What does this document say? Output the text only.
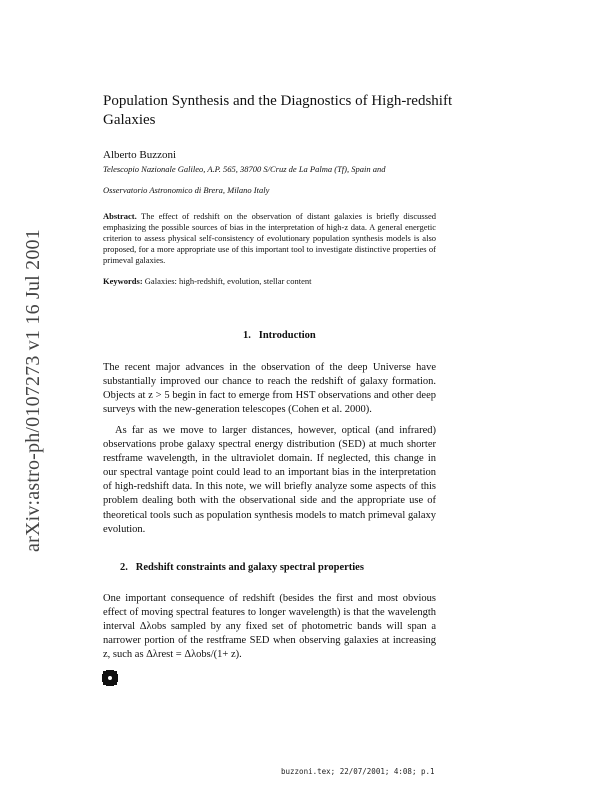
arXiv:astro-ph/0107273 v1 16 Jul 2001
Population Synthesis and the Diagnostics of High-redshift Galaxies
Alberto Buzzoni
Telescopio Nazionale Galileo, A.P. 565, 38700 S/Cruz de La Palma (Tf), Spain and
Osservatorio Astronomico di Brera, Milano Italy
Abstract. The effect of redshift on the observation of distant galaxies is briefly discussed emphasizing the possible sources of bias in the interpretation of high-z data. A general energetic criterion to assess physical self-consistency of evolutionary population synthesis models is also proposed, for a more appropriate use of this important tool to investigate distinctive properties of primeval galaxies.
Keywords: Galaxies: high-redshift, evolution, stellar content
1.   Introduction
The recent major advances in the observation of the deep Universe have substantially improved our chance to reach the redshift of galaxy formation. Objects at z > 5 begin in fact to emerge from HST observations and other deep surveys with the new-generation telescopes (Cohen et al. 2000).
As far as we move to larger distances, however, optical (and infrared) observations probe galaxy spectral energy distribution (SED) at much shorter restframe wavelength, in the ultraviolet domain. If neglected, this change in our spectral vantage point could lead to an important bias in the interpretation of high-redshift data. In this note, we will briefly analyze some aspects of this problem dealing both with the observational side and the appropriate use of theoretical tools such as population synthesis models to match primeval galaxy evolution.
2.   Redshift constraints and galaxy spectral properties
One important consequence of redshift (besides the first and most obvious effect of moving spectral features to longer wavelength) is that the wavelength interval Δλobs sampled by any fixed set of photometric bands will span a narrower portion of the restframe SED when observing galaxies at increasing z, such as Δλrest = Δλobs/(1+ z).
buzzoni.tex; 22/07/2001; 4:08; p.1
